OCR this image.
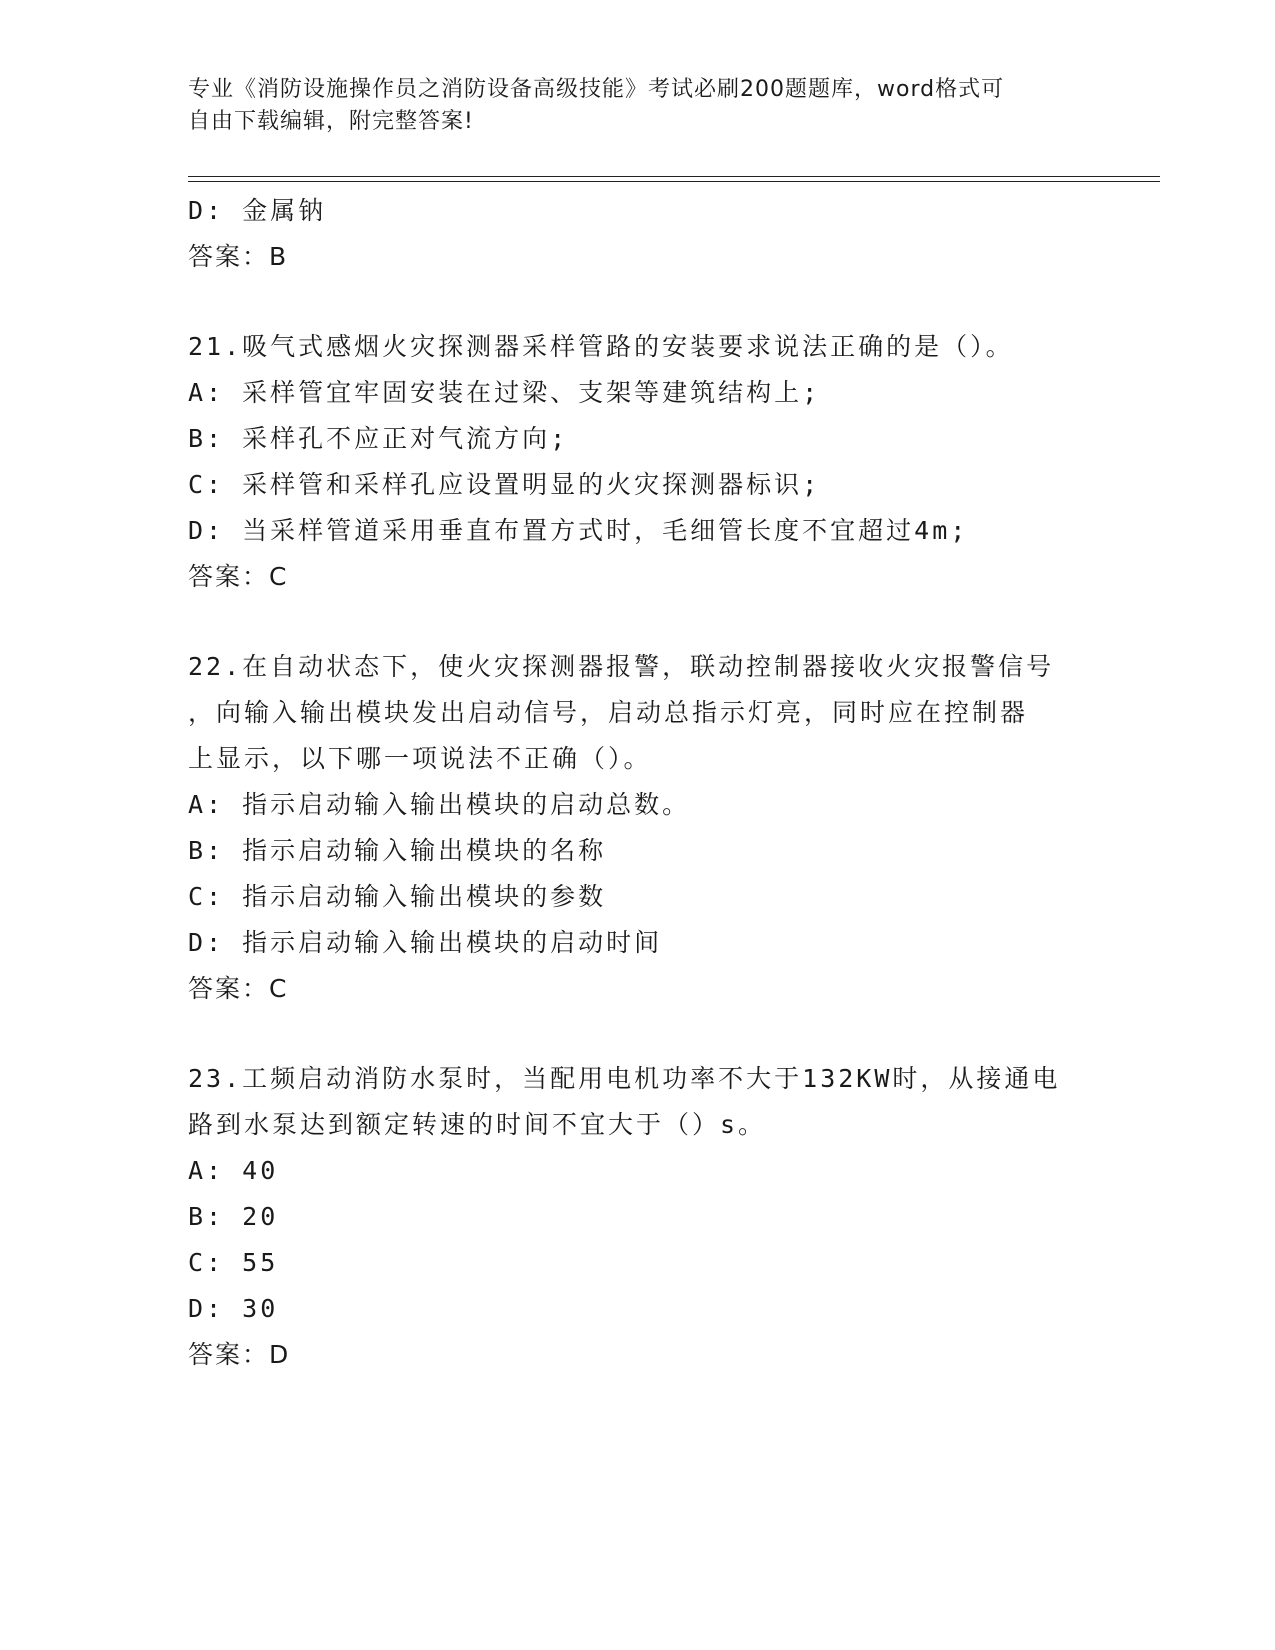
专业《消防设施操作员之消防设备高级技能》考试必刷200题题库，word格式可
自由下载编辑，附完整答案!
D: 金属钠
答案：B
21.吸气式感烟火灾探测器采样管路的安装要求说法正确的是（）。
A: 采样管宜牢固安装在过梁、支架等建筑结构上;
B: 采样孔不应正对气流方向;
C: 采样管和采样孔应设置明显的火灾探测器标识;
D: 当采样管道采用垂直布置方式时，毛细管长度不宜超过4m;
答案：C
22.在自动状态下，使火灾探测器报警，联动控制器接收火灾报警信号
，向输入输出模块发出启动信号，启动总指示灯亮，同时应在控制器
上显示，以下哪一项说法不正确（）。
A: 指示启动输入输出模块的启动总数。
B: 指示启动输入输出模块的名称
C: 指示启动输入输出模块的参数
D: 指示启动输入输出模块的启动时间
答案：C
23.工频启动消防水泵时，当配用电机功率不大于132KW时，从接通电
路到水泵达到额定转速的时间不宜大于（）s。
A: 40
B: 20
C: 55
D: 30
答案：D
